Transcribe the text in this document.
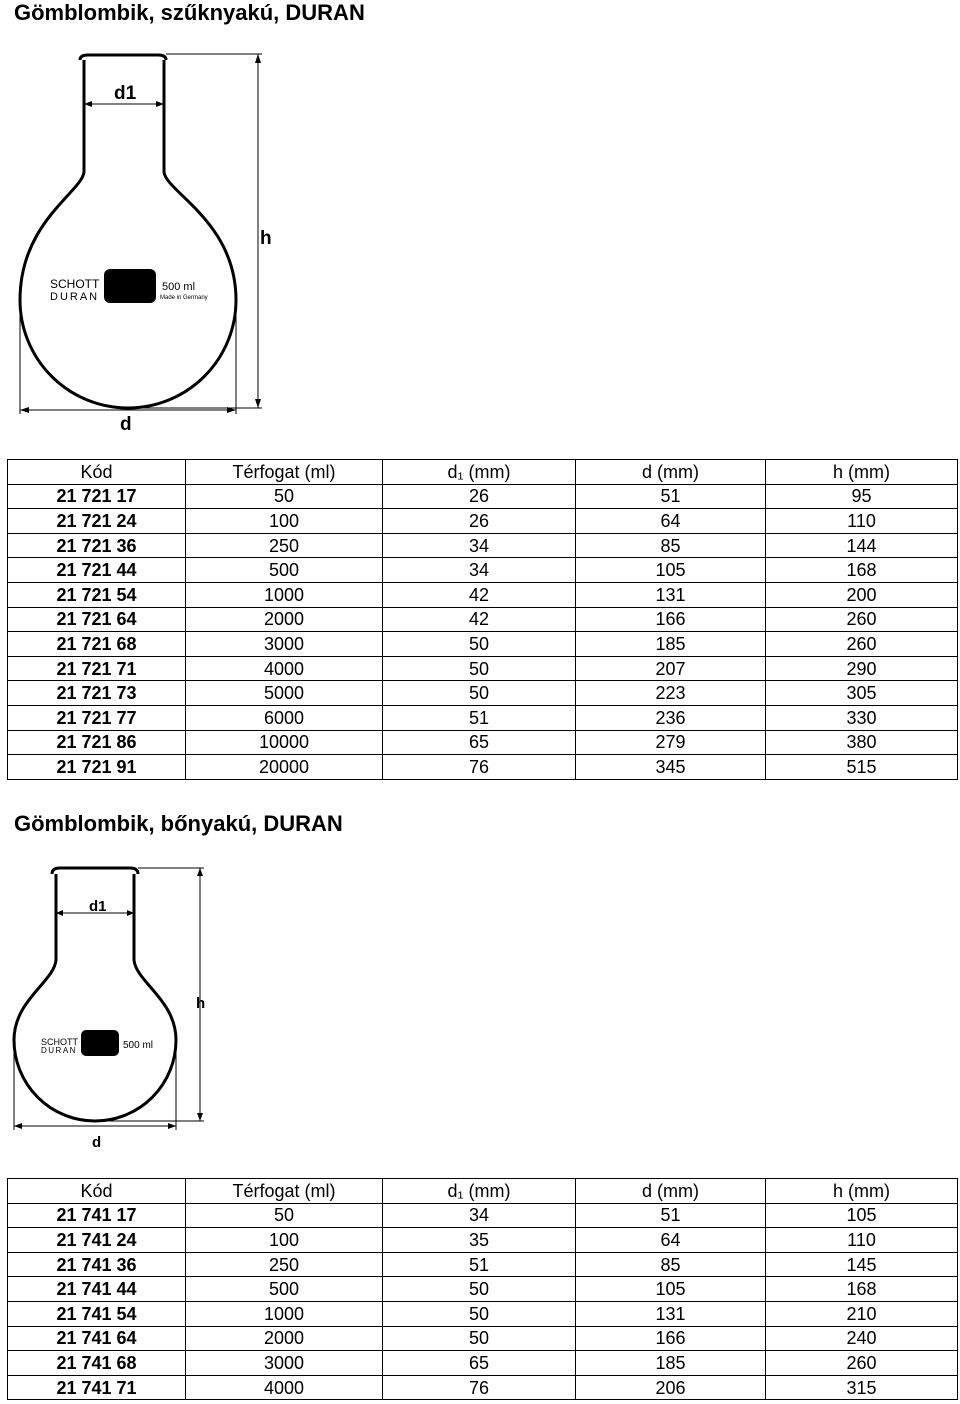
Gömblombik, szűknyakú, DURAN
SCHOTT
DURAN
500 ml
Made in Germany
d1
h
d
Kód	Térfogat (ml)	d₁ (mm)	d (mm)	h (mm)
21 721 17	50	26	51	95
21 721 24	100	26	64	110
21 721 36	250	34	85	144
21 721 44	500	34	105	168
21 721 54	1000	42	131	200
21 721 64	2000	42	166	260
21 721 68	3000	50	185	260
21 721 71	4000	50	207	290
21 721 73	5000	50	223	305
21 721 77	6000	51	236	330
21 721 86	10000	65	279	380
21 721 91	20000	76	345	515
Gömblombik, bőnyakú, DURAN
SCHOTT
DURAN	500 ml
d1
h
d
Kód	Térfogat (ml)	d₁ (mm)	d (mm)	h (mm)
21 741 17	50	34	51	105
21 741 24	100	35	64	110
21 741 36	250	51	85	145
21 741 44	500	50	105	168
21 741 54	1000	50	131	210
21 741 64	2000	50	166	240
21 741 68	3000	65	185	260
21 741 71	4000	76	206	315
